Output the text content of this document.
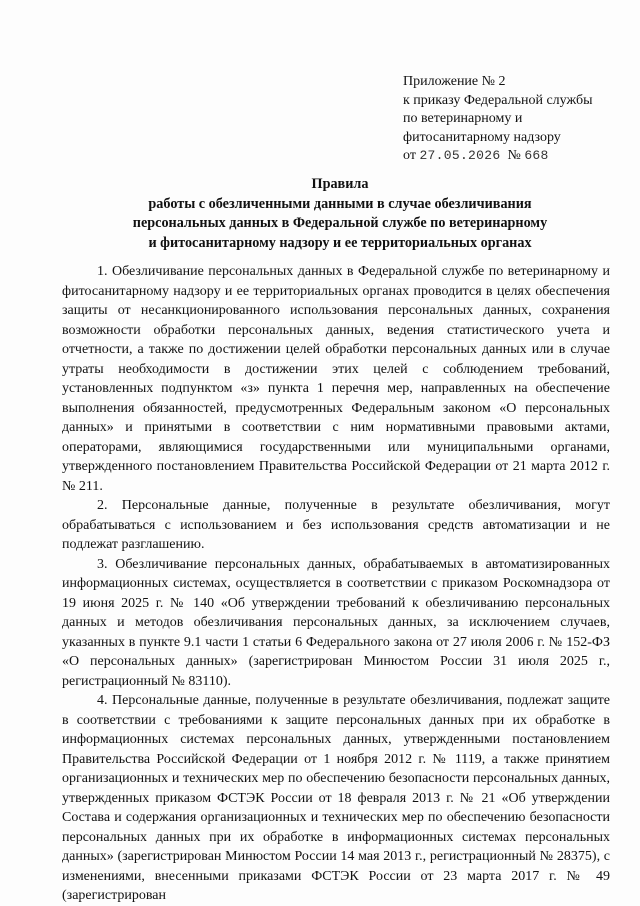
Приложение № 2
к приказу Федеральной службы
по ветеринарному и
фитосанитарному надзору
от 27.05.2026 № 668
Правила
работы с обезличенными данными в случае обезличивания
персональных данных в Федеральной службе по ветеринарному
и фитосанитарному надзору и ее территориальных органах

1. Обезличивание персональных данных в Федеральной службе по ветеринарному и фитосанитарному надзору и ее территориальных органах проводится в целях обеспечения защиты от несанкционированного использования персональных данных, сохранения возможности обработки персональных данных, ведения статистического учета и отчетности, а также по достижении целей обработки персональных данных или в случае утраты необходимости в достижении этих целей с соблюдением требований, установленных подпунктом «з» пункта 1 перечня мер, направленных на обеспечение выполнения обязанностей, предусмотренных Федеральным законом «О персональных данных» и принятыми в соответствии с ним нормативными правовыми актами, операторами, являющимися государственными или муниципальными органами, утвержденного постановлением Правительства Российской Федерации от 21 марта 2012 г. № 211.

2. Персональные данные, полученные в результате обезличивания, могут обрабатываться с использованием и без использования средств автоматизации и не подлежат разглашению.

3. Обезличивание персональных данных, обрабатываемых в автоматизированных информационных системах, осуществляется в соответствии с приказом Роскомнадзора от 19 июня 2025 г. № 140 «Об утверждении требований к обезличиванию персональных данных и методов обезличивания персональных данных, за исключением случаев, указанных в пункте 9.1 части 1 статьи 6 Федерального закона от 27 июля 2006 г. № 152-ФЗ «О персональных данных» (зарегистрирован Минюстом России 31 июля 2025 г., регистрационный № 83110).

4. Персональные данные, полученные в результате обезличивания, подлежат защите в соответствии с требованиями к защите персональных данных при их обработке в информационных системах персональных данных, утвержденными постановлением Правительства Российской Федерации от 1 ноября 2012 г. № 1119, а также принятием организационных и технических мер по обеспечению безопасности персональных данных, утвержденных приказом ФСТЭК России от 18 февраля 2013 г. № 21 «Об утверждении Состава и содержания организационных и технических мер по обеспечению безопасности персональных данных при их обработке в информационных системах персональных данных» (зарегистрирован Минюстом России 14 мая 2013 г., регистрационный № 28375), с изменениями, внесенными приказами ФСТЭК России от 23 марта 2017 г. № 49 (зарегистрирован
